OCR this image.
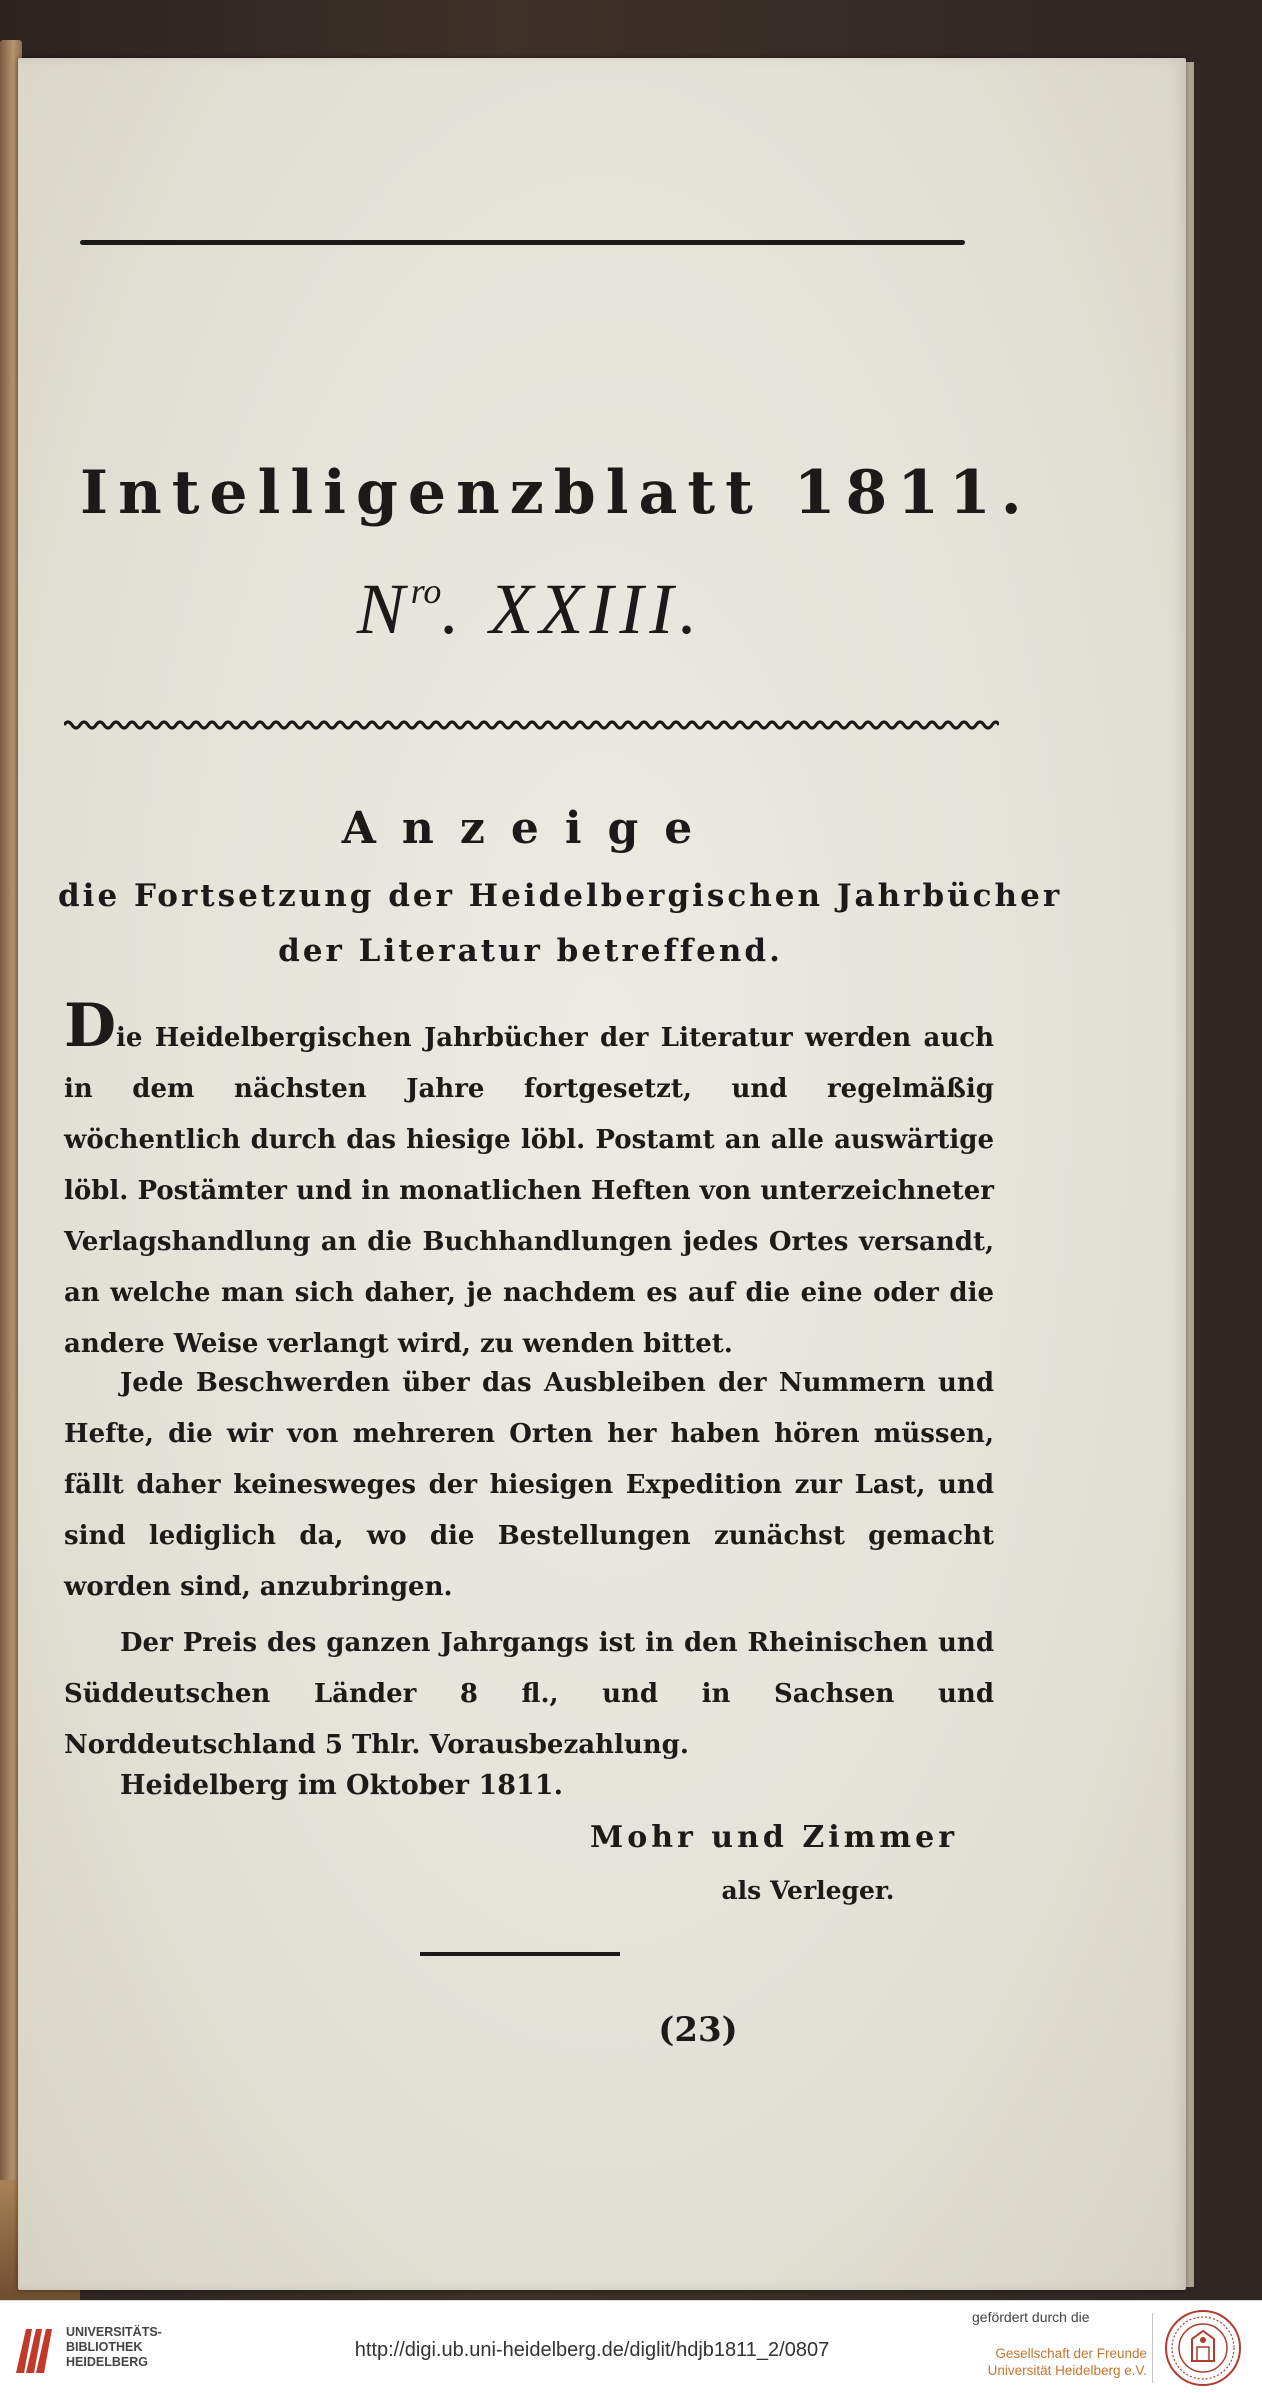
Intelligenzblatt 1811.
$N^{ro}$. XXIII.
Anzeige
die Fortsetzung der Heidelbergischen Jahrbücher
der Literatur betreffend.
Die Heidelbergischen Jahrbücher der Literatur werden auch in dem nächsten Jahre fortgesetzt, und regelmäßig wöchentlich durch das hiesige löbl. Postamt an alle auswärtige löbl. Postämter und in monatlichen Heften von unterzeichneter Verlagshandlung an die Buchhandlungen jedes Ortes versandt, an welche man sich daher, je nachdem es auf die eine oder die andere Weise verlangt wird, zu wenden bittet.
Jede Beschwerden über das Ausbleiben der Nummern und Hefte, die wir von mehreren Orten her haben hören müssen, fällt daher keinesweges der hiesigen Expedition zur Last, und sind lediglich da, wo die Bestellungen zunächst gemacht worden sind, anzubringen.
Der Preis des ganzen Jahrgangs ist in den Rheinischen und Süddeutschen Länder 8 fl., und in Sachsen und Norddeutschland 5 Thlr. Vorausbezahlung.
Heidelberg im Oktober 1811.
Mohr und Zimmer
als Verleger.
(23)
UNIVERSITÄTS-
BIBLIOTHEK
HEIDELBERG
http://digi.ub.uni-heidelberg.de/diglit/hdjb1811_2/0807
gefördert durch die
Gesellschaft der Freunde
Universität Heidelberg e.V.
